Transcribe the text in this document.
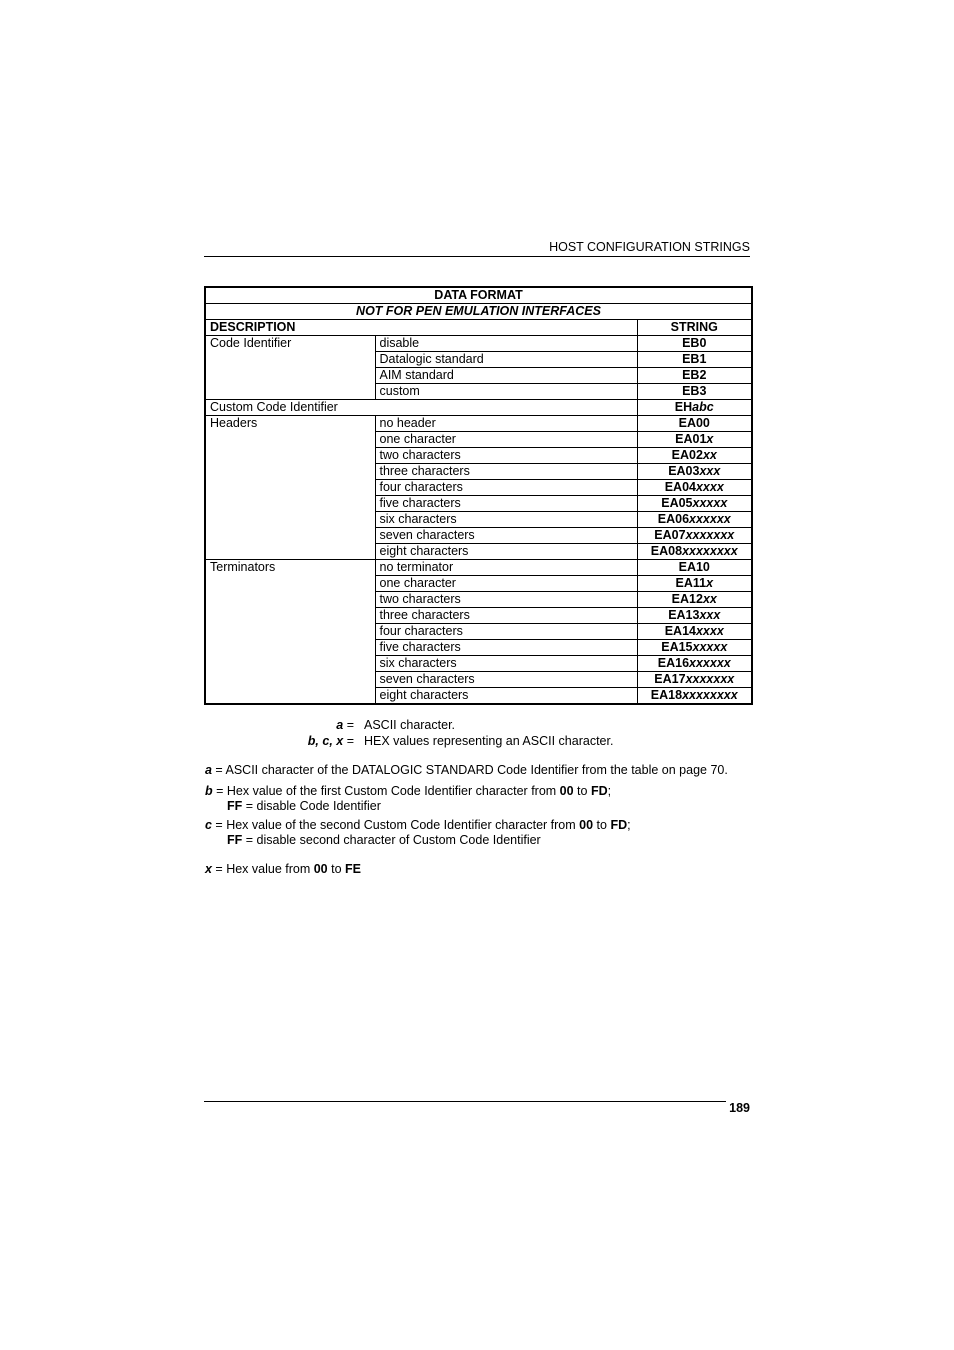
HOST CONFIGURATION STRINGS
DATA FORMAT		
NOT FOR PEN EMULATION INTERFACES		
DESCRIPTION		STRING
Code Identifier	disable	EB0
	Datalogic standard	EB1
	AIM standard	EB2
	custom	EB3
Custom Code Identifier		EHabc
Headers	no header	EA00
	one character	EA01x
	two characters	EA02xx
	three characters	EA03xxx
	four characters	EA04xxxx
	five characters	EA05xxxxx
	six characters	EA06xxxxxx
	seven characters	EA07xxxxxxx
	eight characters	EA08xxxxxxxx
Terminators	no terminator	EA10
	one character	EA11x
	two characters	EA12xx
	three characters	EA13xxx
	four characters	EA14xxxx
	five characters	EA15xxxxx
	six characters	EA16xxxxxx
	seven characters	EA17xxxxxxx
	eight characters	EA18xxxxxxxx
a = ASCII character.
b, c, x = HEX values representing an ASCII character.
a = ASCII character of the DATALOGIC STANDARD Code Identifier from the table on page 70.
b = Hex value of the first Custom Code Identifier character from 00 to FD;
FF = disable Code Identifier
c = Hex value of the second Custom Code Identifier character from 00 to FD;
FF = disable second character of Custom Code Identifier
x = Hex value from 00 to FE
189
